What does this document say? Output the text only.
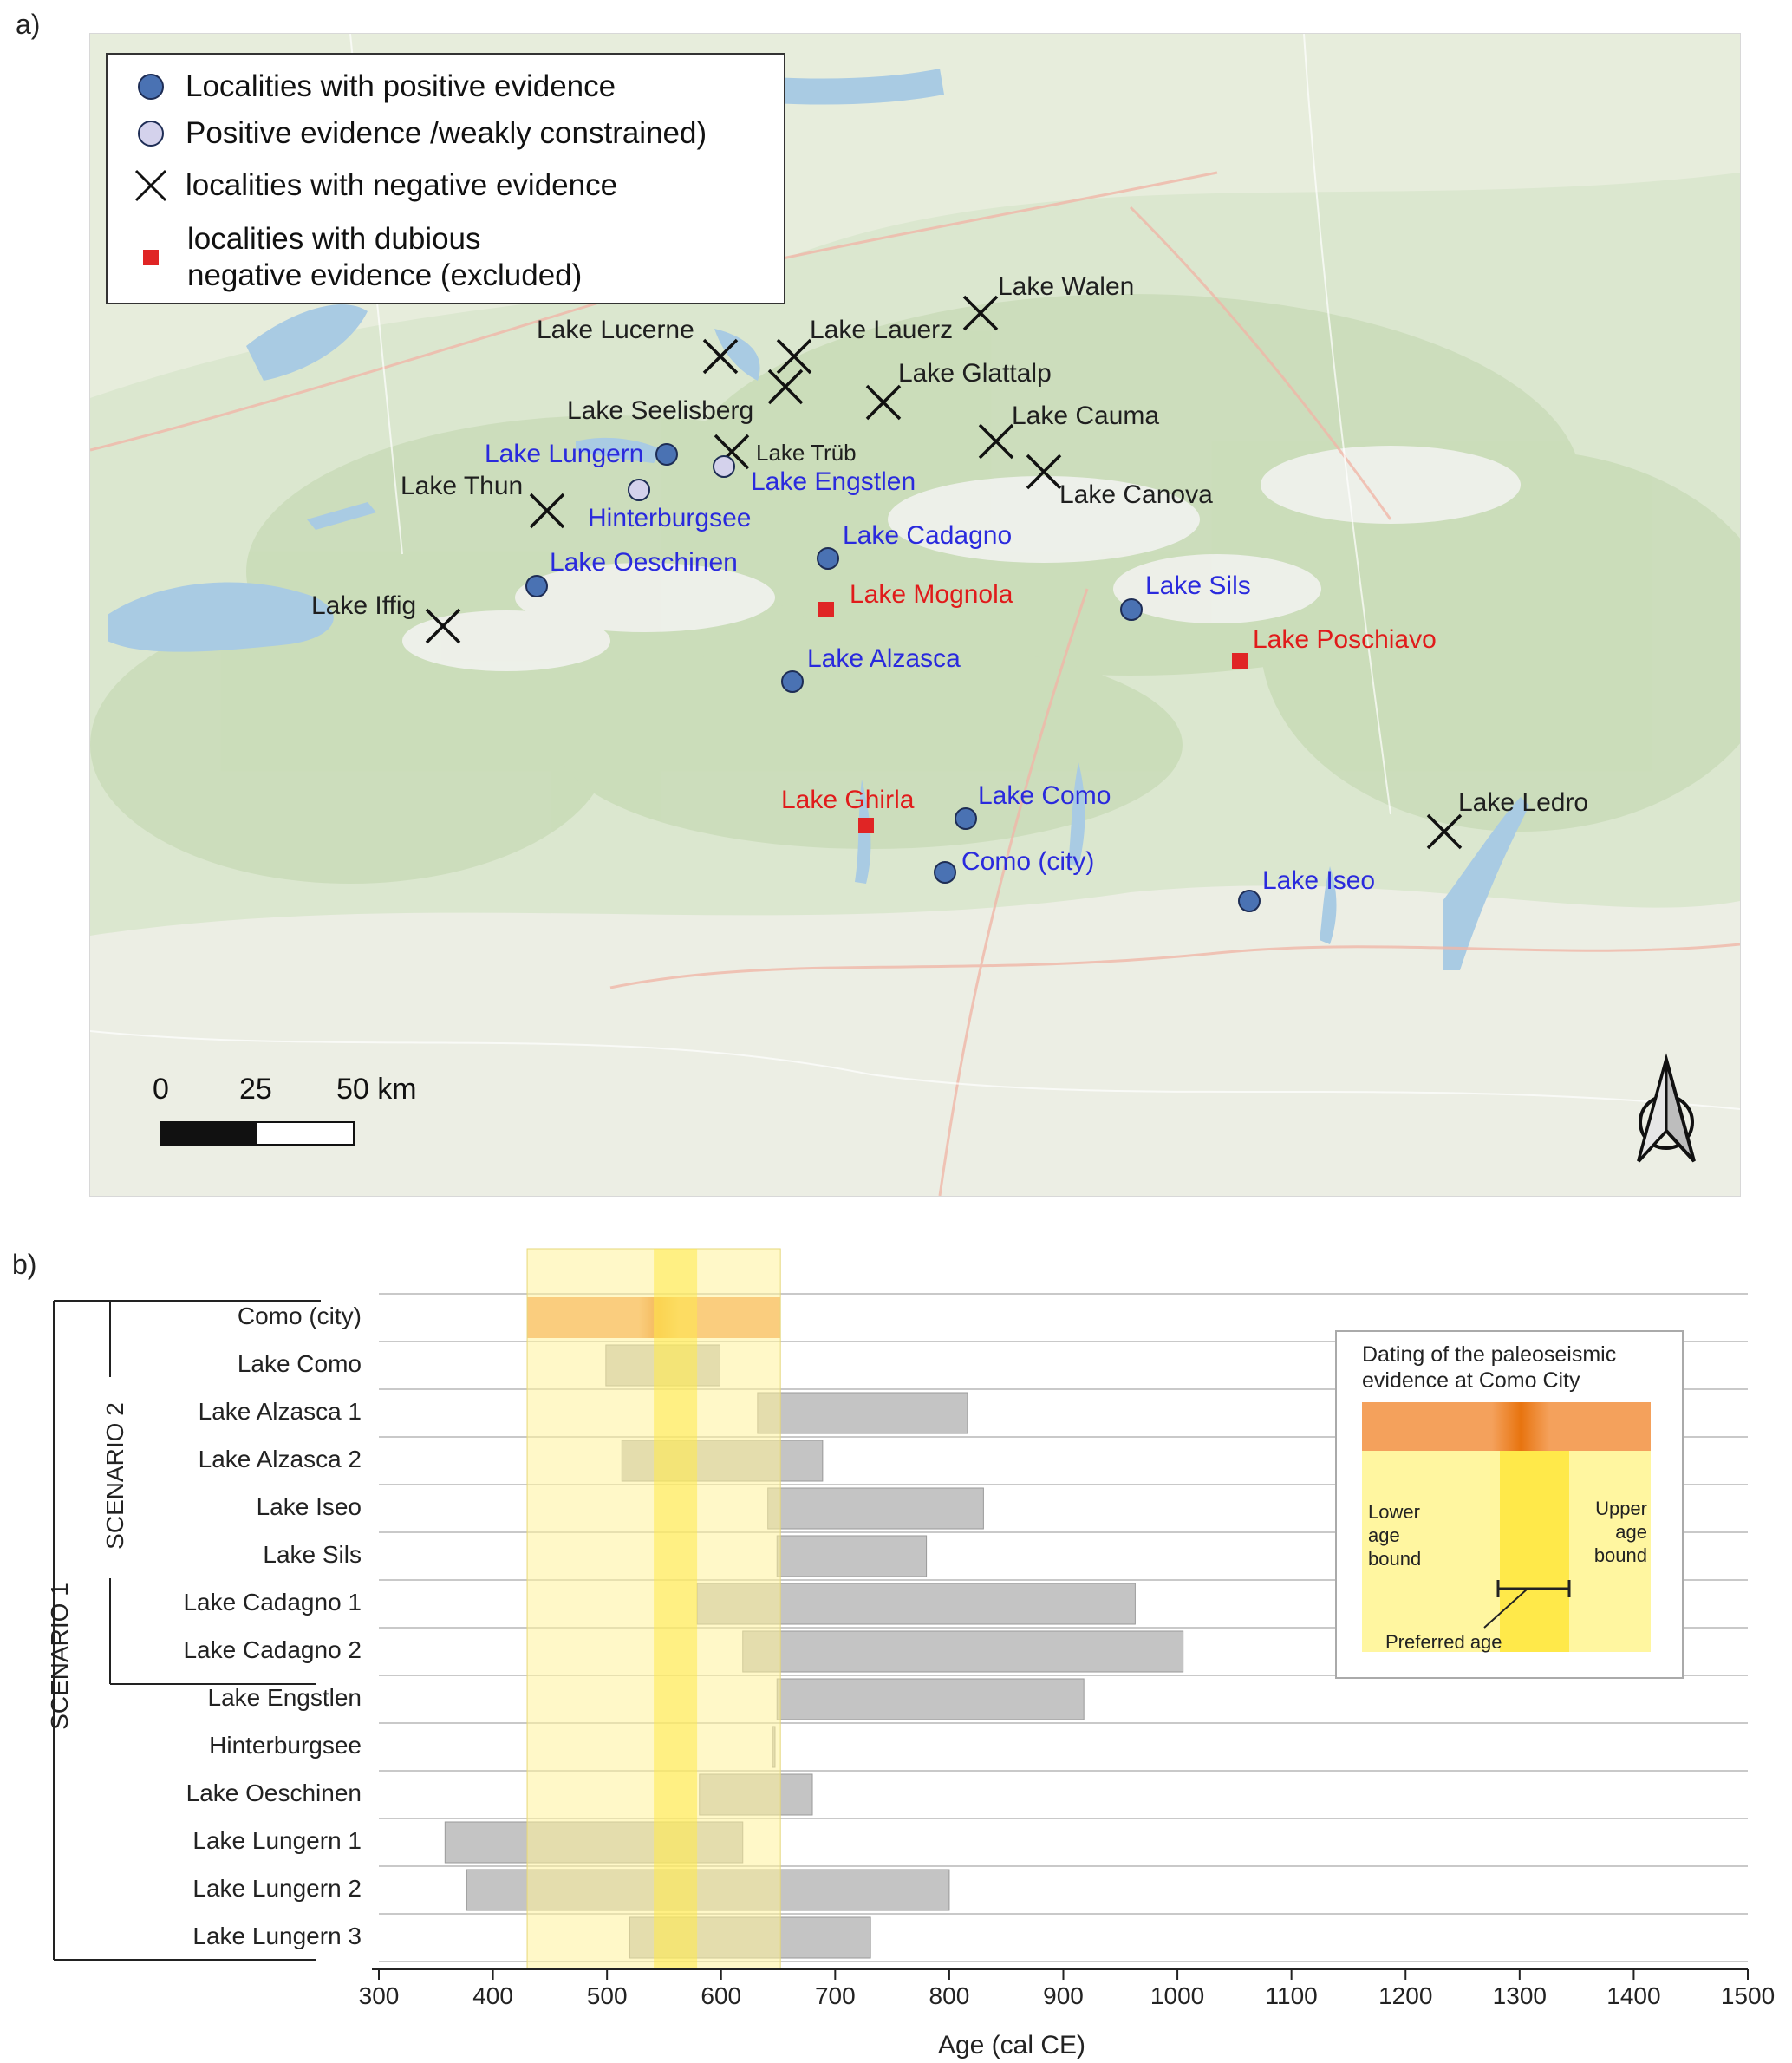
a)
0 25 50 km
Localities with positive evidence
Positive evidence /weakly constrained)
localities with negative evidence
localities with dubious
negative evidence (excluded)	Lake Walen
Lake Lucerne	Lake Lauerz
Lake Glattalp
Lake Seelisberg	Lake Cauma
Lake Trüb
Lake Lungern
Lake Engstlen	Lake Canova
Lake Thun
Hinterburgsee
Lake Cadagno
Lake Oeschinen
Lake Sils
Lake Mognola
Lake Iffig
Lake Poschiavo
Lake Alzasca
Lake Como
Lake Ghirla	Lake Ledro
Como (city)
Lake Iseo
b)
SCENARIO 1
SCENARIO 2
Dating of the paleoseismic
evidence at Como City
Lower
age
bound
Upper
age
bound
Preferred age
Como (city)
Lake Como
Lake Alzasca 1
Lake Alzasca 2
Lake Iseo
Lake Sils
Lake Cadagno 1
Lake Cadagno 2
Lake Engstlen
Hinterburgsee
Lake Oeschinen
Lake Lungern 1
Lake Lungern 2
Lake Lungern 3
300	400	500	600	700	800	900	1000	1100	1200 1300 1400 1500
Age (cal CE)
